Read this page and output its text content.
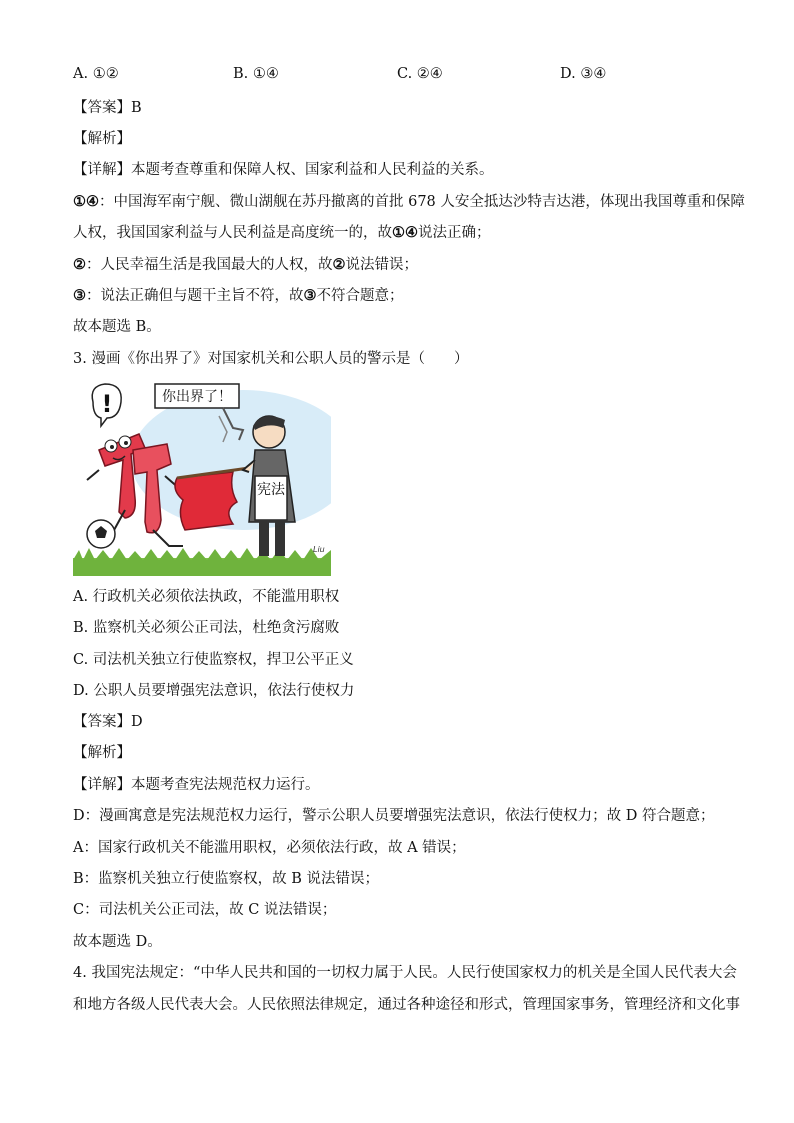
A. ①②	B. ①④	C. ②④	D. ③④
【答案】B
【解析】
【详解】本题考查尊重和保障人权、国家利益和人民利益的关系。
①④：中国海军南宁舰、微山湖舰在苏丹撤离的首批 678 人安全抵达沙特吉达港，体现出我国尊重和保障
人权，我国国家利益与人民利益是高度统一的，故①④说法正确；
②：人民幸福生活是我国最大的人权，故②说法错误；
③：说法正确但与题干主旨不符，故③不符合题意；
故本题选 B。
3. 漫画《你出界了》对国家机关和公职人员的警示是（　　）
你出界了！
!
宪法
Liu
A. 行政机关必须依法执政，不能滥用职权
B. 监察机关必须公正司法，杜绝贪污腐败
C. 司法机关独立行使监察权，捍卫公平正义
D. 公职人员要增强宪法意识，依法行使权力
【答案】D
【解析】
【详解】本题考查宪法规范权力运行。
D：漫画寓意是宪法规范权力运行，警示公职人员要增强宪法意识，依法行使权力；故 D 符合题意；
A：国家行政机关不能滥用职权，必须依法行政，故 A 错误；
B：监察机关独立行使监察权，故 B 说法错误；
C：司法机关公正司法，故 C 说法错误；
故本题选 D。
4. 我国宪法规定：“中华人民共和国的一切权力属于人民。人民行使国家权力的机关是全国人民代表大会
和地方各级人民代表大会。人民依照法律规定，通过各种途径和形式，管理国家事务，管理经济和文化事
